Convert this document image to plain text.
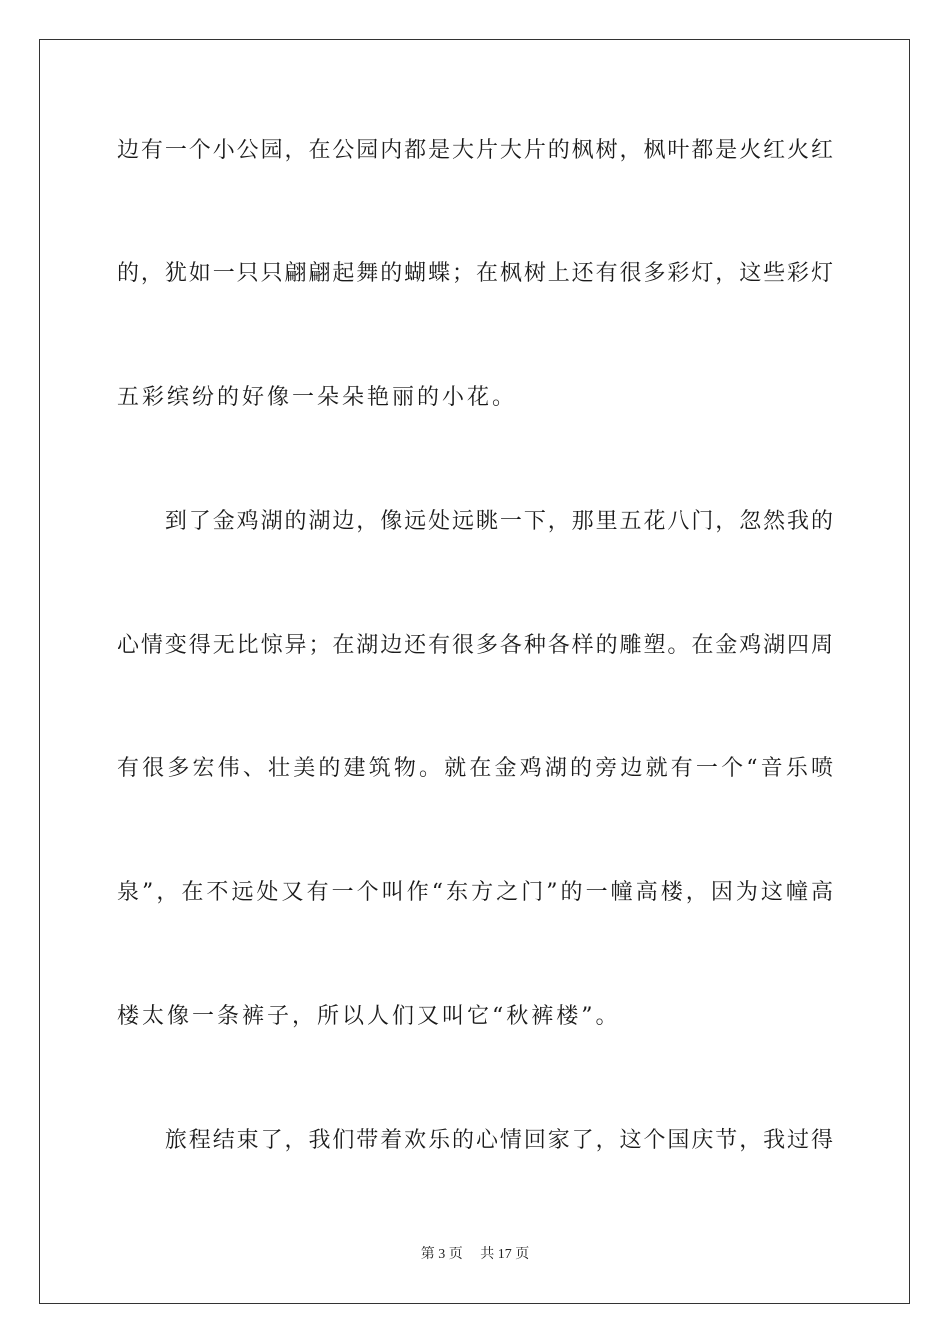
边有一个小公园，在公园内都是大片大片的枫树，枫叶都是火红火红
的，犹如一只只翩翩起舞的蝴蝶；在枫树上还有很多彩灯，这些彩灯
五彩缤纷的好像一朵朵艳丽的小花。
　　到了金鸡湖的湖边，像远处远眺一下，那里五花八门，忽然我的
心情变得无比惊异；在湖边还有很多各种各样的雕塑。在金鸡湖四周
有很多宏伟、壮美的建筑物。就在金鸡湖的旁边就有一个“音乐喷
泉”，在不远处又有一个叫作“东方之门”的一幢高楼，因为这幢高
楼太像一条裤子，所以人们又叫它“秋裤楼”。
　　旅程结束了，我们带着欢乐的心情回家了，这个国庆节，我过得
第 3 页　 共 17 页
